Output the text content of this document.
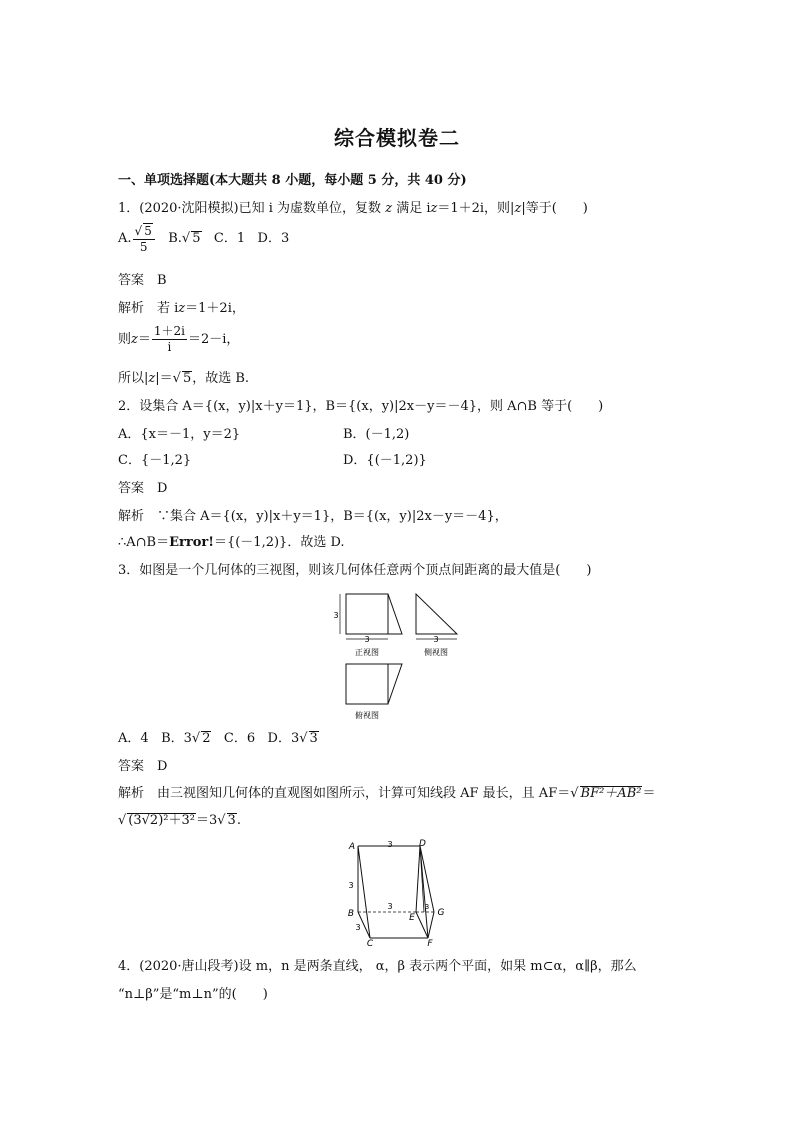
综合模拟卷二
一、单项选择题(本大题共 8 小题，每小题 5 分，共 40 分)
1．(2020·沈阳模拟)已知 i 为虚数单位，复数 z 满足 iz＝1＋2i，则|z|等于(　　)
A. $\frac{√ 5}{5} B.√$ 5 C．1 D．3
答案　B
解析　若 iz＝1＋2i，
则$z= \frac{1+2i}{i} =2-i$，
所以|z|＝√ 5，故选 B.
2．设集合 A＝{(x，y)|x＋y＝1}，B＝{(x，y)|2x－y＝－4}，则 A∩B 等于(　　)
A．{x＝－1，y＝2}	B．(－1,2)
C．{－1,2}	D．{(－1,2)}
答案　D
解析　∵集合 A＝{(x，y)|x＋y＝1}，B＝{(x，y)|2x－y＝－4}，
∴A∩B＝Error!＝{(－1,2)}．故选 D.
3．如图是一个几何体的三视图，则该几何体任意两个顶点间距离的最大值是(　　)
3
3
正视图
3
侧视图
俯视图
A．4 B．3√ 2 C．6 D．3√ 3
答案　D
解析　由三视图知几何体的直观图如图所示，计算可知线段 AF 最长，且 AF＝√ BF²＋AB²＝
√ (3√2)²＋3²＝3√ 3.
A	D
B
C
E
F
G
3
3
3
3
3
4．(2020·唐山段考)设 m，n 是两条直线， α，β 表示两个平面，如果 m⊂α，α∥β，那么
“n⊥β”是“m⊥n”的(　　)
